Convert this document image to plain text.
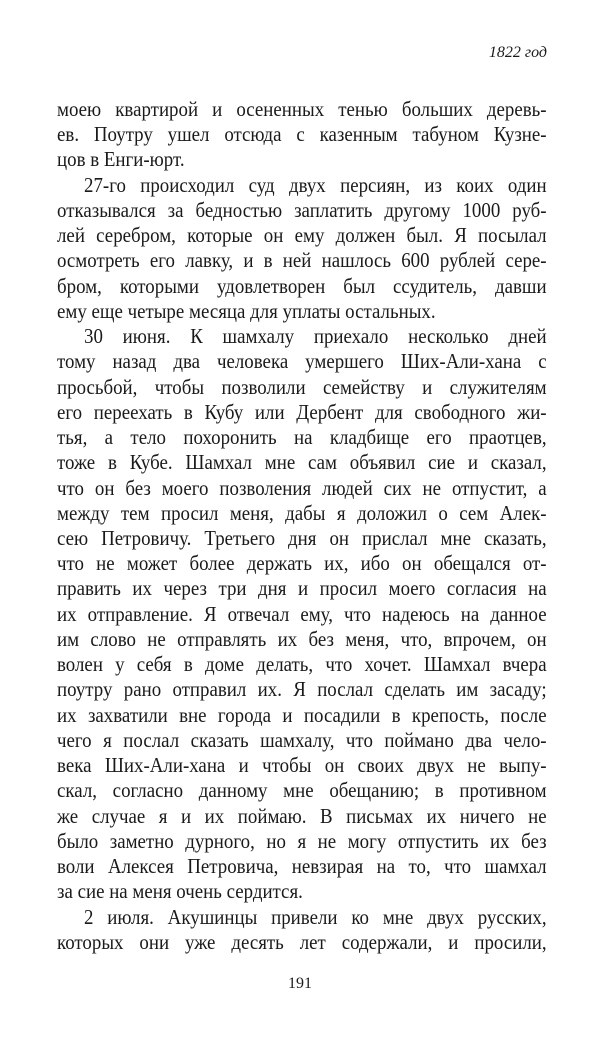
1822 год
моею квартирой и осененных тенью больших деревь-
ев. Поутру ушел отсюда с казенным табуном Кузне-
цов в Енги-юрт.
27-го происходил суд двух персиян, из коих один
отказывался за бедностью заплатить другому 1000 руб-
лей серебром, которые он ему должен был. Я посылал
осмотреть его лавку, и в ней нашлось 600 рублей сере-
бром, которыми удовлетворен был ссудитель, давши
ему еще четыре месяца для уплаты остальных.
30 июня. К шамхалу приехало несколько дней
тому назад два человека умершего Ших-Али-хана с
просьбой, чтобы позволили семейству и служителям
его переехать в Кубу или Дербент для свободного жи-
тья, а тело похоронить на кладбище его праотцев,
тоже в Кубе. Шамхал мне сам объявил сие и сказал,
что он без моего позволения людей сих не отпустит, а
между тем просил меня, дабы я доложил о сем Алек-
сею Петровичу. Третьего дня он прислал мне сказать,
что не может более держать их, ибо он обещался от-
править их через три дня и просил моего согласия на
их отправление. Я отвечал ему, что надеюсь на данное
им слово не отправлять их без меня, что, впрочем, он
волен у себя в доме делать, что хочет. Шамхал вчера
поутру рано отправил их. Я послал сделать им засаду;
их захватили вне города и посадили в крепость, после
чего я послал сказать шамхалу, что поймано два чело-
века Ших-Али-хана и чтобы он своих двух не выпу-
скал, согласно данному мне обещанию; в противном
же случае я и их поймаю. В письмах их ничего не
было заметно дурного, но я не могу отпустить их без
воли Алексея Петровича, невзирая на то, что шамхал
за сие на меня очень сердится.
2 июля. Акушинцы привели ко мне двух русских,
которых они уже десять лет содержали, и просили,
191
